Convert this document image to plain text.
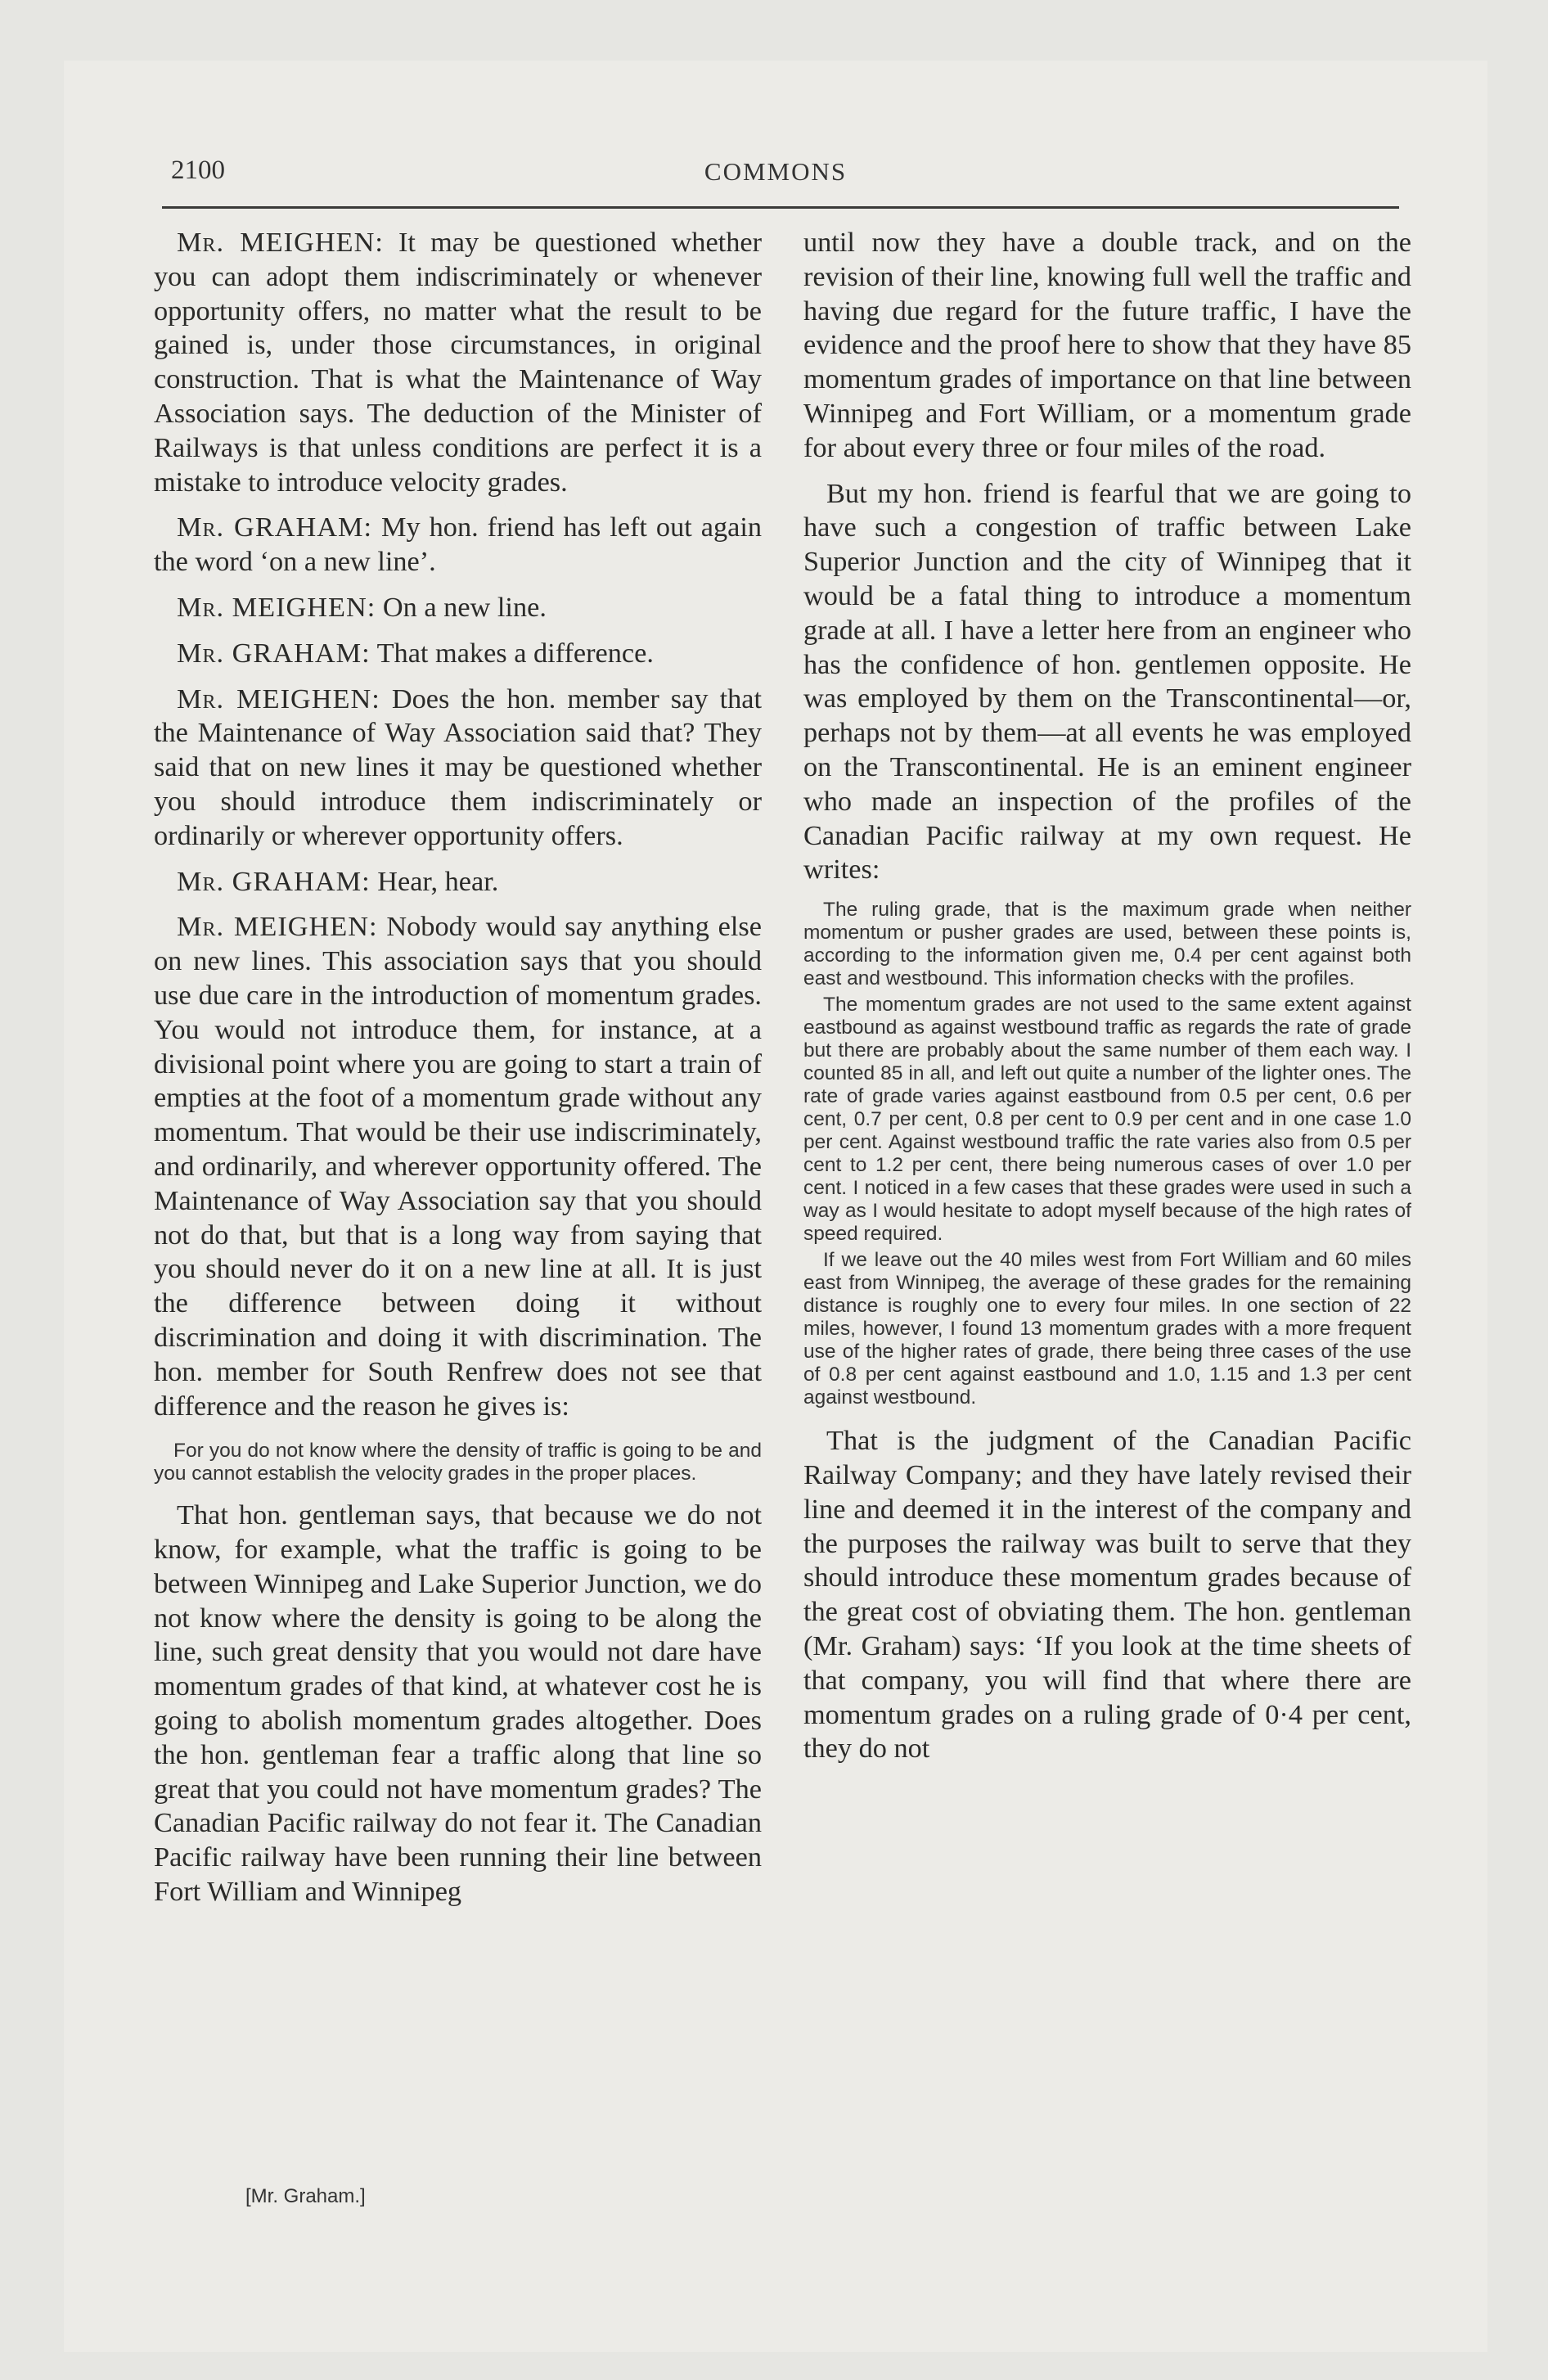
2100	COMMONS

Mr. MEIGHEN: It may be questioned whether you can adopt them indiscriminately or whenever opportunity offers, no matter what the result to be gained is, under those circumstances, in original construction. That is what the Maintenance of Way Association says. The deduction of the Minister of Railways is that unless conditions are perfect it is a mistake to introduce velocity grades.

Mr. GRAHAM: My hon. friend has left out again the word ‘on a new line’.

Mr. MEIGHEN: On a new line.

Mr. GRAHAM: That makes a difference.

Mr. MEIGHEN: Does the hon. member say that the Maintenance of Way Association said that? They said that on new lines it may be questioned whether you should introduce them indiscriminately or ordinarily or wherever opportunity offers.

Mr. GRAHAM: Hear, hear.

Mr. MEIGHEN: Nobody would say anything else on new lines. This association says that you should use due care in the introduction of momentum grades. You would not introduce them, for instance, at a divisional point where you are going to start a train of empties at the foot of a momentum grade without any momentum. That would be their use indiscriminately, and ordinarily, and wherever opportunity offered. The Maintenance of Way Association say that you should not do that, but that is a long way from saying that you should never do it on a new line at all. It is just the difference between doing it without discrimination and doing it with discrimination. The hon. member for South Renfrew does not see that difference and the reason he gives is:

For you do not know where the density of traffic is going to be and you cannot establish the velocity grades in the proper places.

That hon. gentleman says, that because we do not know, for example, what the traffic is going to be between Winnipeg and Lake Superior Junction, we do not know where the density is going to be along the line, such great density that you would not dare have momentum grades of that kind, at whatever cost he is going to abolish momentum grades altogether. Does the hon. gentleman fear a traffic along that line so great that you could not have momentum grades? The Canadian Pacific railway do not fear it. The Canadian Pacific railway have been running their line between Fort William and Winnipeg

until now they have a double track, and on the revision of their line, knowing full well the traffic and having due regard for the future traffic, I have the evidence and the proof here to show that they have 85 momentum grades of importance on that line between Winnipeg and Fort William, or a momentum grade for about every three or four miles of the road.

But my hon. friend is fearful that we are going to have such a congestion of traffic between Lake Superior Junction and the city of Winnipeg that it would be a fatal thing to introduce a momentum grade at all. I have a letter here from an engineer who has the confidence of hon. gentlemen opposite. He was employed by them on the Transcontinental—or, perhaps not by them—at all events he was employed on the Transcontinental. He is an eminent engineer who made an inspection of the profiles of the Canadian Pacific railway at my own request. He writes:

The ruling grade, that is the maximum grade when neither momentum or pusher grades are used, between these points is, according to the information given me, 0.4 per cent against both east and westbound. This information checks with the profiles.

The momentum grades are not used to the same extent against eastbound as against westbound traffic as regards the rate of grade but there are probably about the same number of them each way. I counted 85 in all, and left out quite a number of the lighter ones. The rate of grade varies against eastbound from 0.5 per cent, 0.6 per cent, 0.7 per cent, 0.8 per cent to 0.9 per cent and in one case 1.0 per cent. Against westbound traffic the rate varies also from 0.5 per cent to 1.2 per cent, there being numerous cases of over 1.0 per cent. I noticed in a few cases that these grades were used in such a way as I would hesitate to adopt myself because of the high rates of speed required.

If we leave out the 40 miles west from Fort William and 60 miles east from Winnipeg, the average of these grades for the remaining distance is roughly one to every four miles. In one section of 22 miles, however, I found 13 momentum grades with a more frequent use of the higher rates of grade, there being three cases of the use of 0.8 per cent against eastbound and 1.0, 1.15 and 1.3 per cent against westbound.

That is the judgment of the Canadian Pacific Railway Company; and they have lately revised their line and deemed it in the interest of the company and the purposes the railway was built to serve that they should introduce these momentum grades because of the great cost of obviating them. The hon. gentleman (Mr. Graham) says: ‘If you look at the time sheets of that company, you will find that where there are momentum grades on a ruling grade of 0·4 per cent, they do not

[Mr. Graham.]
